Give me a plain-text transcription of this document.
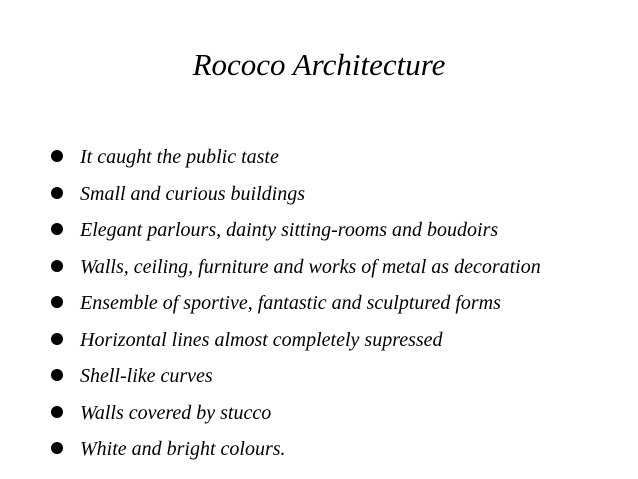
Rococo Architecture
It caught the public taste
Small and curious buildings
Elegant parlours, dainty sitting-rooms and boudoirs
Walls, ceiling, furniture and works of metal as decoration
Ensemble of sportive, fantastic and sculptured forms
Horizontal lines almost completely supressed
Shell-like curves
Walls covered by stucco
White and bright colours.
